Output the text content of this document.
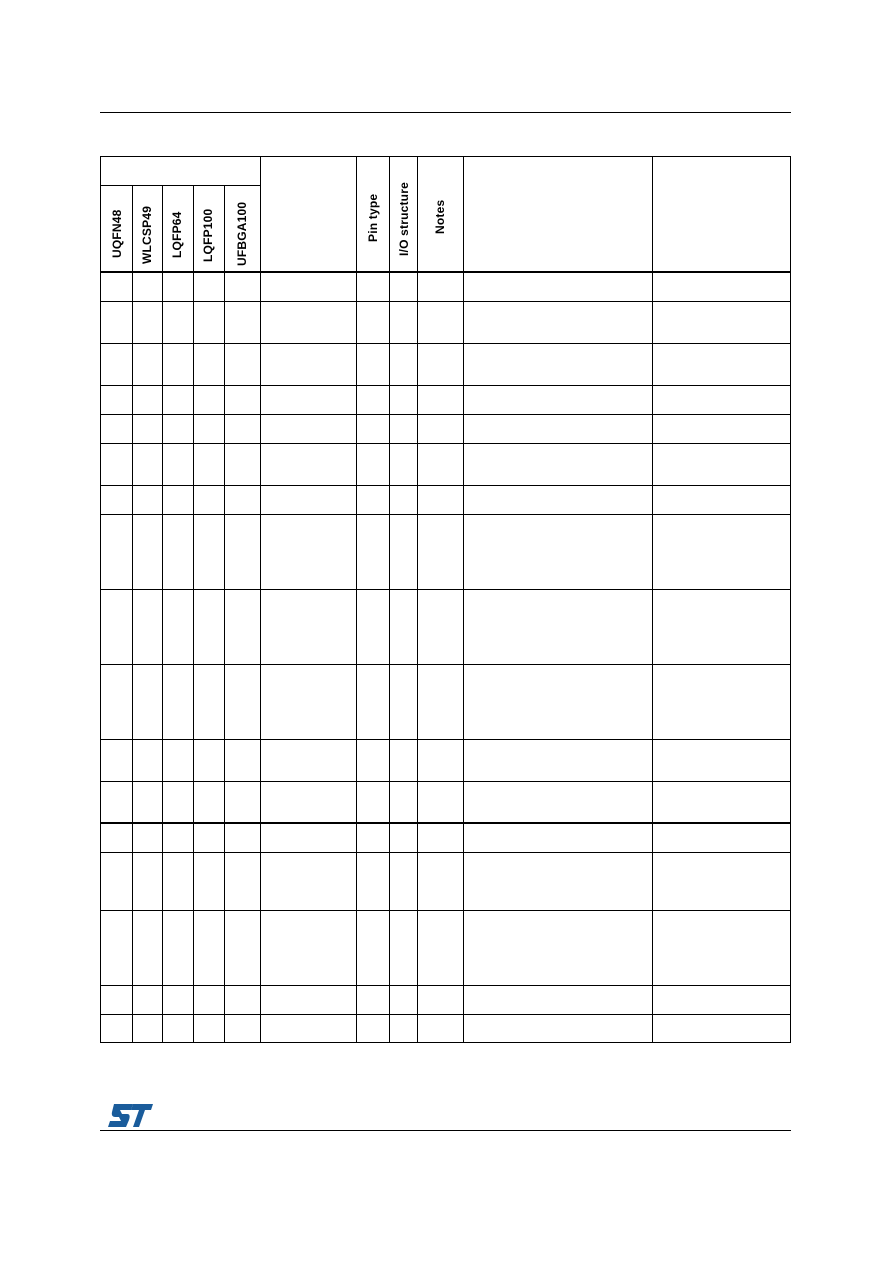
UQFN48 WLCSP49 LQFP64 LQFP100 UFBGA100	Pin type I/O structure Notes
